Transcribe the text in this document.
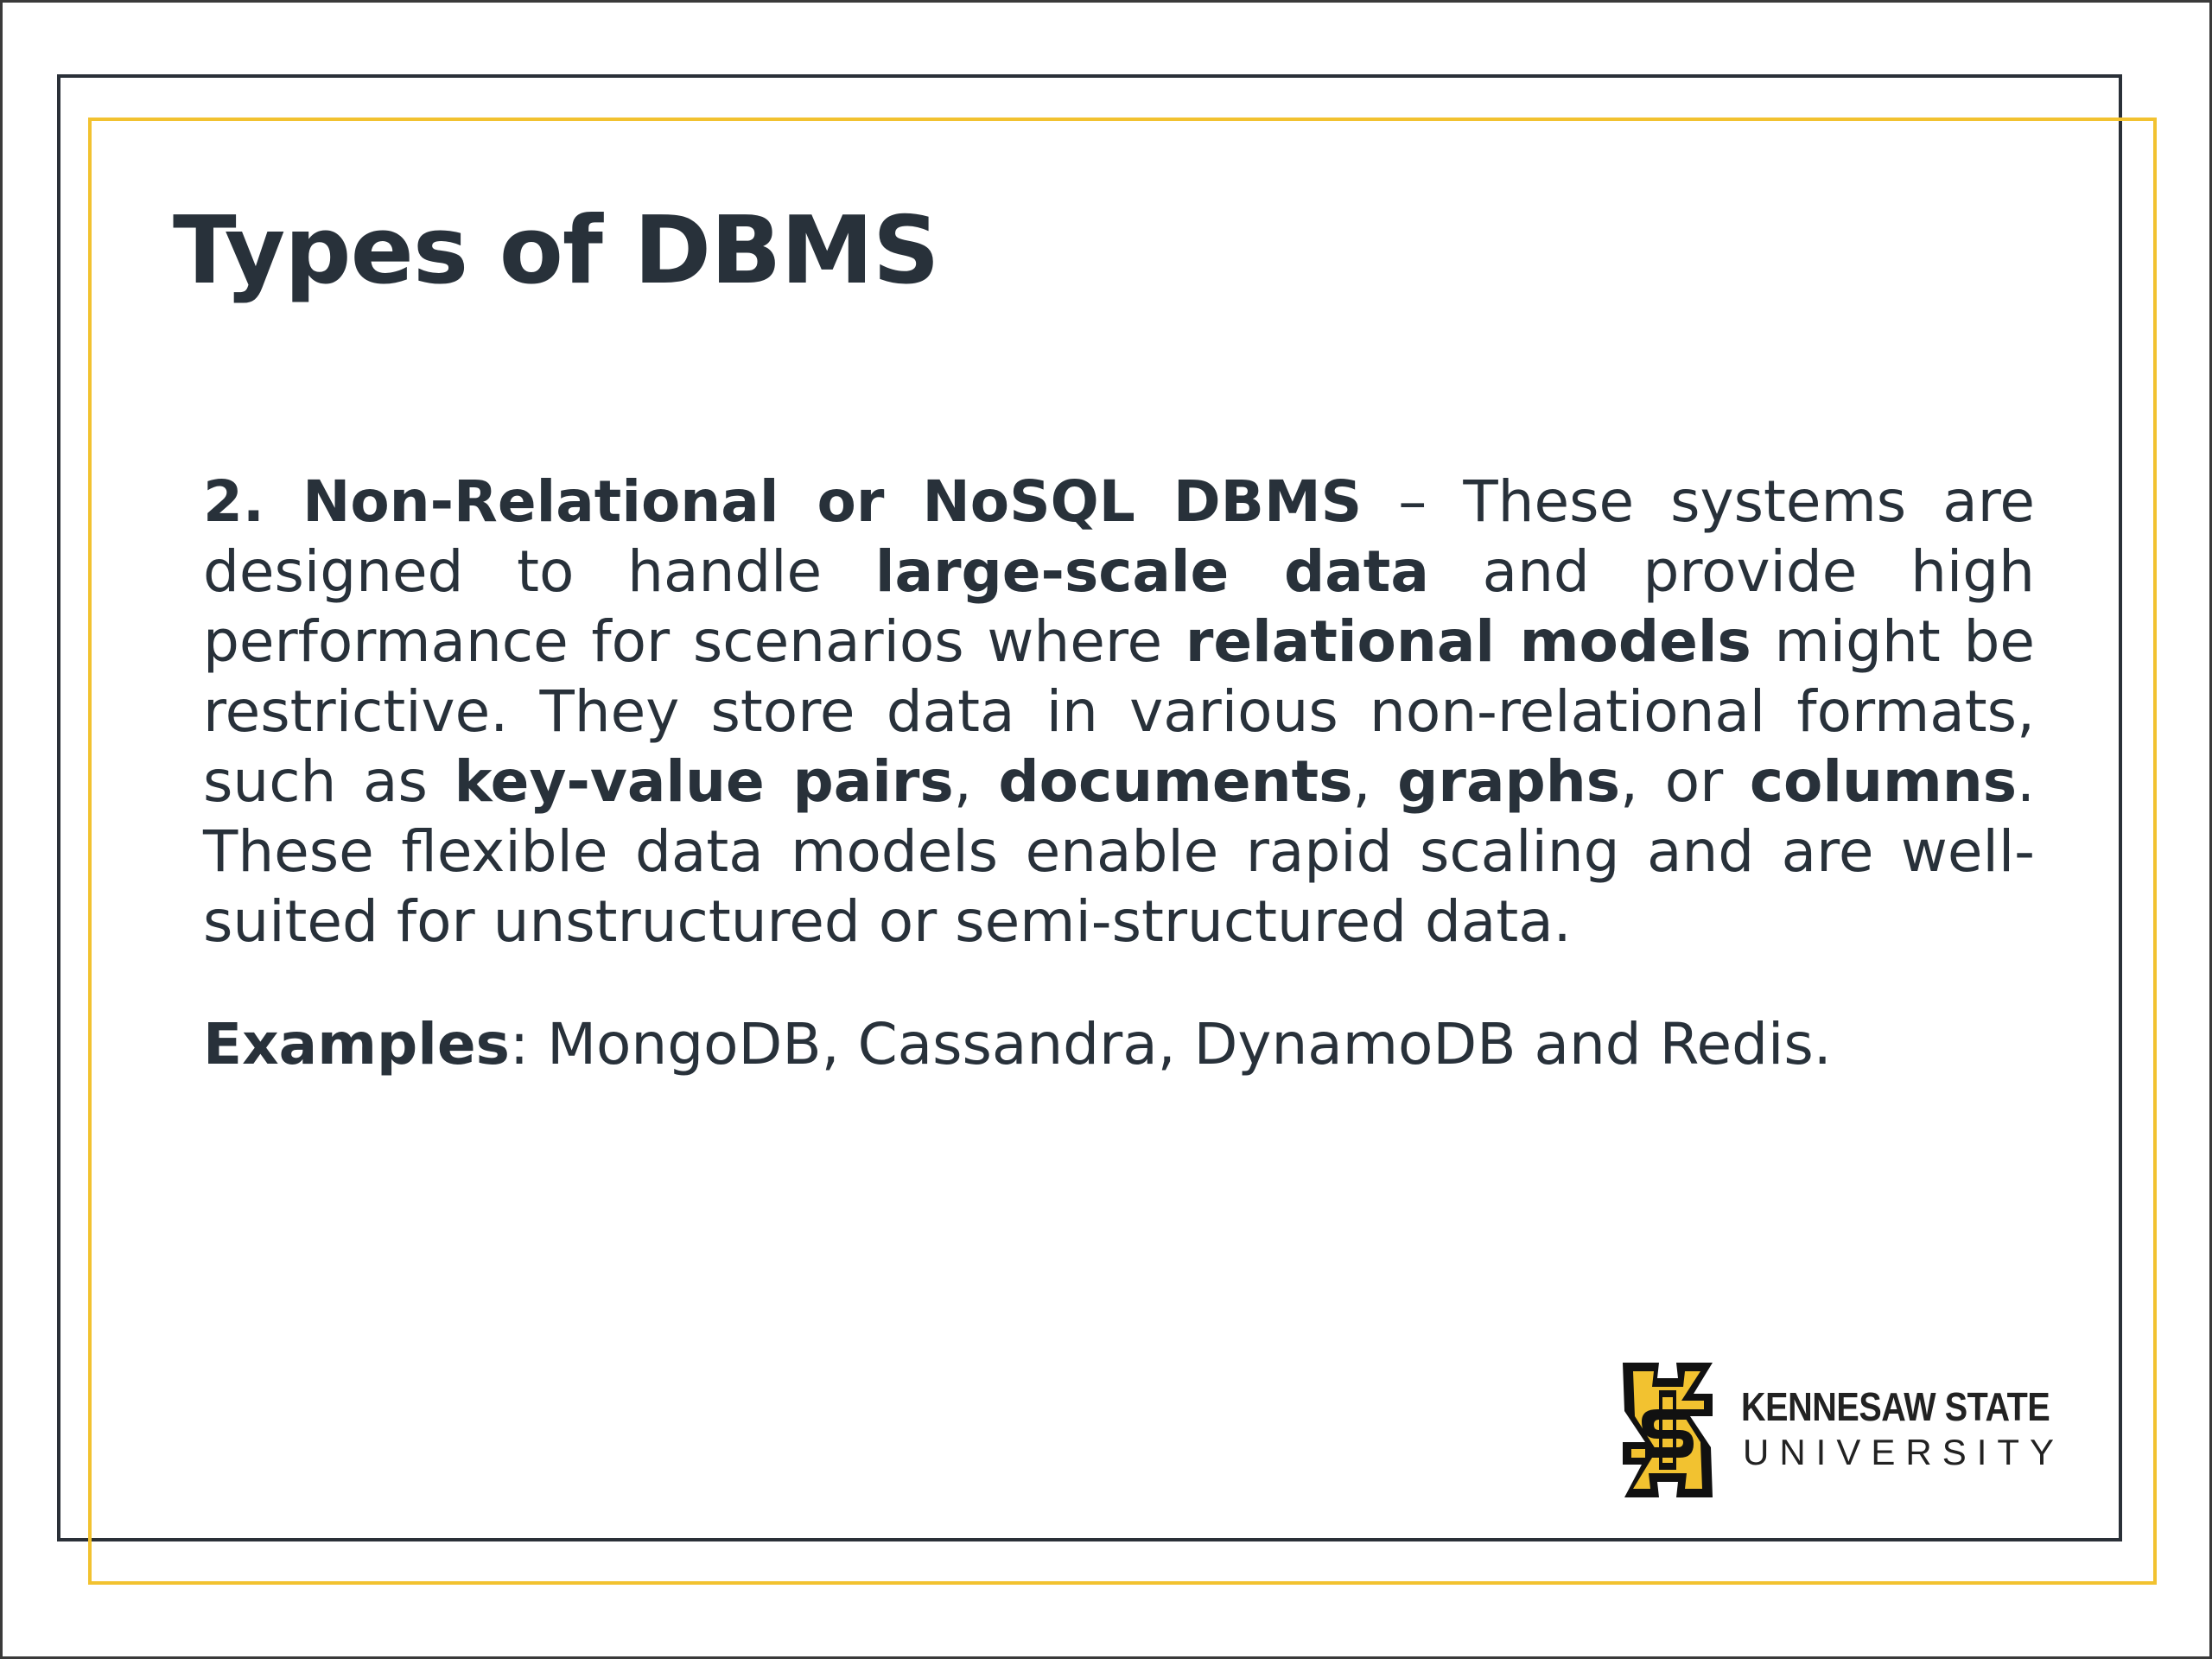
Types of DBMS

2. Non-Relational or NoSQL DBMS – These systems are designed to handle large-scale data and provide high performance for scenarios where relational models might be restrictive. They store data in various non-relational formats, such as key-value pairs, documents, graphs, or columns. These flexible data models enable rapid scaling and are well-suited for unstructured or semi-structured data.

Examples: MongoDB, Cassandra, DynamoDB and Redis.

KENNESAW STATE
UNIVERSITY
